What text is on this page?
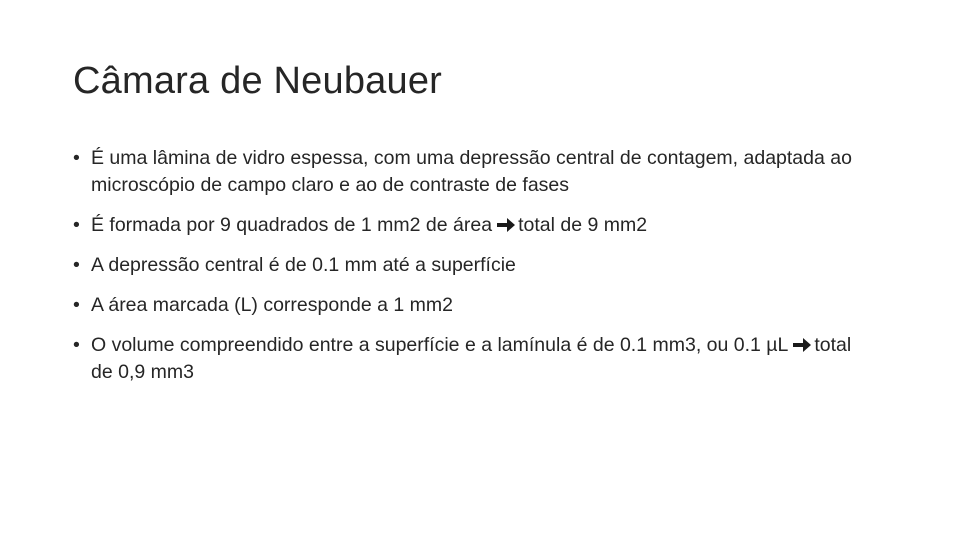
Câmara de Neubauer
• É uma lâmina de vidro espessa, com uma depressão central de contagem, adaptada ao microscópio de campo claro e ao de contraste de fases
• É formada por 9 quadrados de 1 mm2 de área total de 9 mm2
• A depressão central é de 0.1 mm até a superfície
• A área marcada (L) corresponde a 1 mm2
• O volume compreendido entre a superfície e a lamínula é de 0.1 mm3, ou 0.1 µL total de 0,9 mm3
